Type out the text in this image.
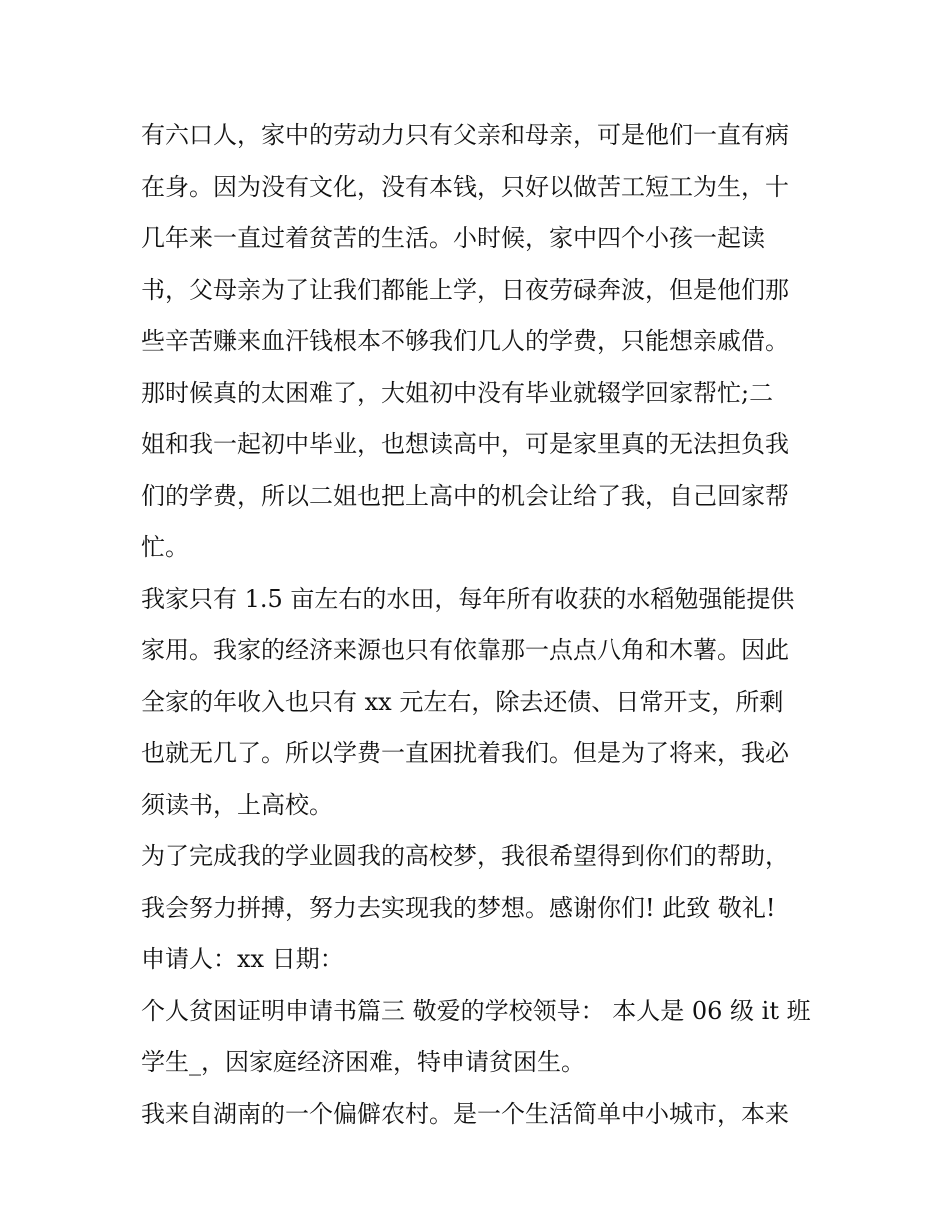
有六口人，家中的劳动力只有父亲和母亲，可是他们一直有病
在身。因为没有文化，没有本钱，只好以做苦工短工为生，十
几年来一直过着贫苦的生活。小时候，家中四个小孩一起读
书，父母亲为了让我们都能上学，日夜劳碌奔波，但是他们那
些辛苦赚来血汗钱根本不够我们几人的学费，只能想亲戚借。
那时候真的太困难了，大姐初中没有毕业就辍学回家帮忙;二
姐和我一起初中毕业，也想读高中，可是家里真的无法担负我
们的学费，所以二姐也把上高中的机会让给了我，自己回家帮
忙。
我家只有 1.5 亩左右的水田，每年所有收获的水稻勉强能提供
家用。我家的经济来源也只有依靠那一点点八角和木薯。因此
全家的年收入也只有 xx 元左右，除去还债、日常开支，所剩
也就无几了。所以学费一直困扰着我们。但是为了将来，我必
须读书，上高校。
为了完成我的学业圆我的高校梦，我很希望得到你们的帮助，
我会努力拼搏，努力去实现我的梦想。感谢你们! 此致 敬礼!
申请人：xx 日期：
个人贫困证明申请书篇三 敬爱的学校领导： 本人是 06 级 it 班
学生_，因家庭经济困难，特申请贫困生。
我来自湖南的一个偏僻农村。是一个生活简单中小城市，本来
